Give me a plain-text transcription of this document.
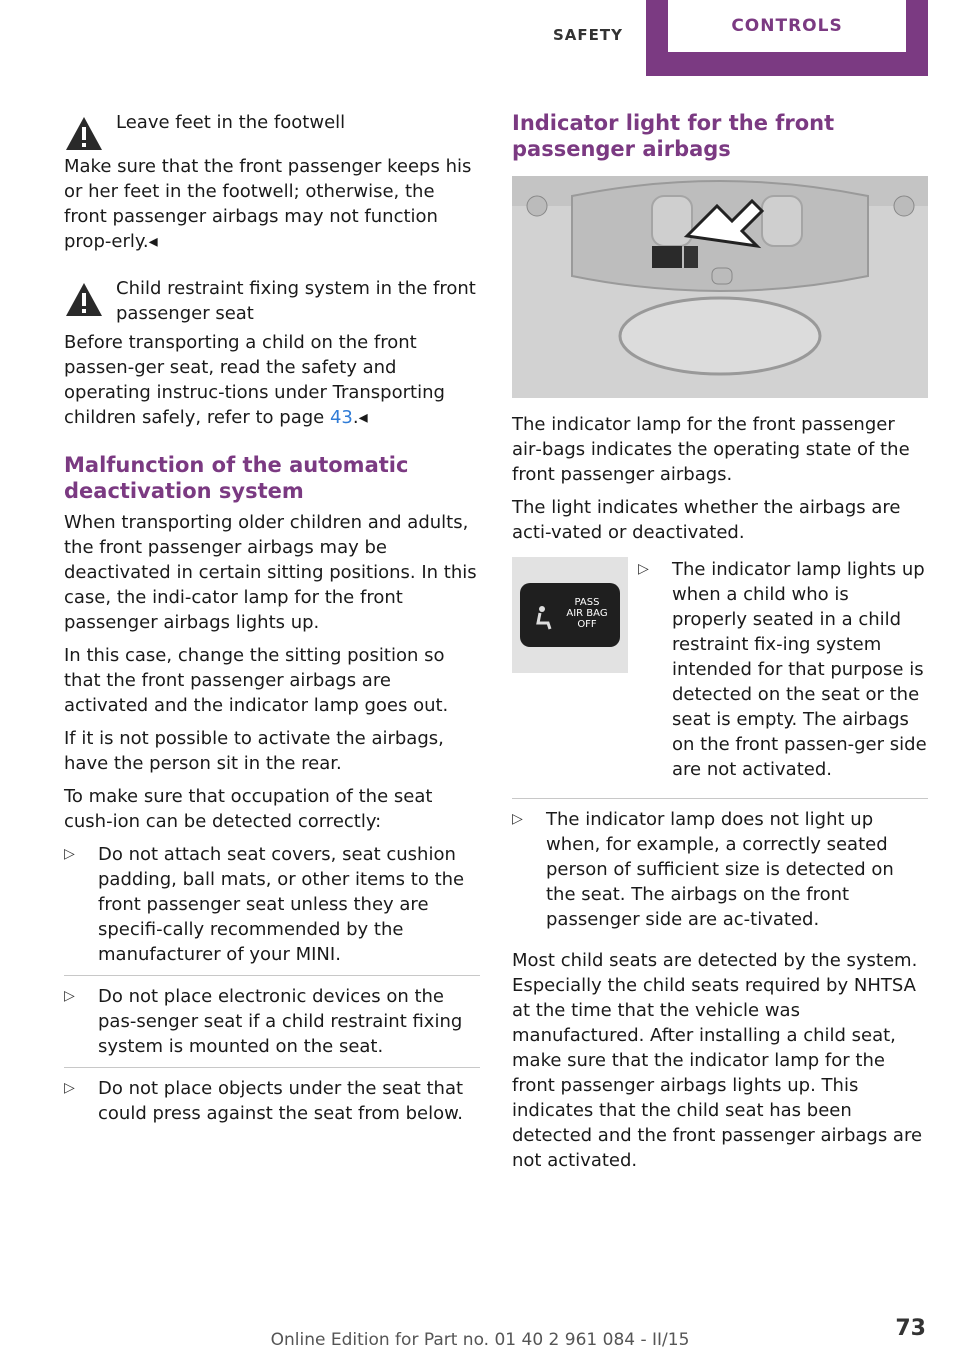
SAFETY	CONTROLS

Leave feet in the footwell

Make sure that the front passenger keeps his or her feet in the footwell; otherwise, the front passenger airbags may not function prop‐erly.◂

Child restraint fixing system in the front passenger seat

Before transporting a child on the front passen‐ger seat, read the safety and operating instruc‐tions under Transporting children safely, refer to page 43.◂

Malfunction of the automatic deactivation system

When transporting older children and adults, the front passenger airbags may be deactivated in certain sitting positions. In this case, the indi‐cator lamp for the front passenger airbags lights up.

In this case, change the sitting position so that the front passenger airbags are activated and the indicator lamp goes out.

If it is not possible to activate the airbags, have the person sit in the rear.

To make sure that occupation of the seat cush‐ion can be detected correctly:

▷ Do not attach seat covers, seat cushion padding, ball mats, or other items to the front passenger seat unless they are specifi‐cally recommended by the manufacturer of your MINI.
▷ Do not place electronic devices on the pas‐senger seat if a child restraint fixing system is mounted on the seat.
▷ Do not place objects under the seat that could press against the seat from below.
Indicator light for the front passenger airbags

The indicator lamp for the front passenger air‐bags indicates the operating state of the front passenger airbags.

The light indicates whether the airbags are acti‐vated or deactivated.

PASS
AIR BAG
OFF
▷ The indicator lamp lights up when a child who is properly seated in a child restraint fix‐ing system intended for that purpose is detected on the seat or the seat is empty. The airbags on the front passen‐ger side are not activated.
▷ The indicator lamp does not light up when, for example, a correctly seated person of sufficient size is detected on the seat. The airbags on the front passenger side are ac‐tivated.

Most child seats are detected by the system. Especially the child seats required by NHTSA at the time that the vehicle was manufactured. After installing a child seat, make sure that the indicator lamp for the front passenger airbags lights up. This indicates that the child seat has been detected and the front passenger airbags are not activated.

Online Edition for Part no. 01 40 2 961 084 - II/15	73
